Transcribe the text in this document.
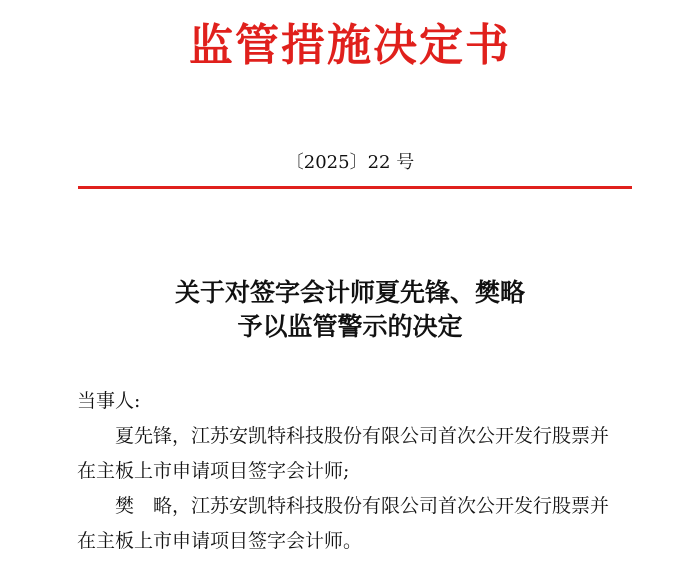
监管措施决定书
〔2025〕22 号
关于对签字会计师夏先锋、樊略
予以监管警示的决定
当事人:
夏先锋，江苏安凯特科技股份有限公司首次公开发行股票并
在主板上市申请项目签字会计师;
樊　略，江苏安凯特科技股份有限公司首次公开发行股票并
在主板上市申请项目签字会计师。
